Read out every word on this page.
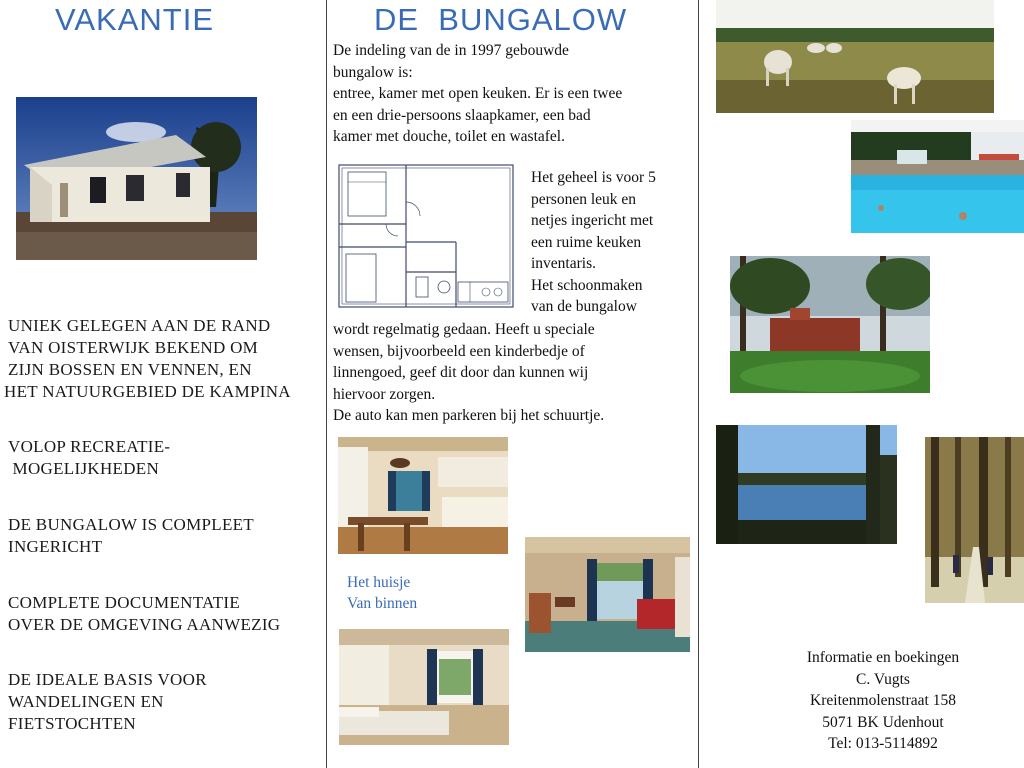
VAKANTIE
UNIEK GELEGEN AAN DE RAND
VAN OISTERWIJK BEKEND OM
ZIJN BOSSEN EN VENNEN, EN
HET NATUURGEBIED DE KAMPINA
VOLOP RECREATIE-
MOGELIJKHEDEN
DE BUNGALOW IS COMPLEET
INGERICHT
COMPLETE DOCUMENTATIE
OVER DE OMGEVING AANWEZIG
DE IDEALE BASIS VOOR
WANDELINGEN EN
FIETSTOCHTEN
DE  BUNGALOW
De indeling van de in 1997 gebouwde
bungalow is:
entree, kamer met open keuken. Er is een twee
en een drie-persoons slaapkamer, een bad
kamer met douche, toilet en wastafel.
Het geheel is voor 5
personen leuk en
netjes ingericht met
een ruime keuken
inventaris.
Het schoonmaken
van de bungalow
wordt regelmatig gedaan. Heeft u speciale
wensen, bijvoorbeeld een kinderbedje of
linnengoed, geef dit door dan kunnen wij
hiervoor zorgen.
De auto kan men parkeren bij het schuurtje.
Het huisje
Van binnen
Informatie en boekingen
C. Vugts
Kreitenmolenstraat 158
5071 BK Udenhout
Tel: 013-5114892
